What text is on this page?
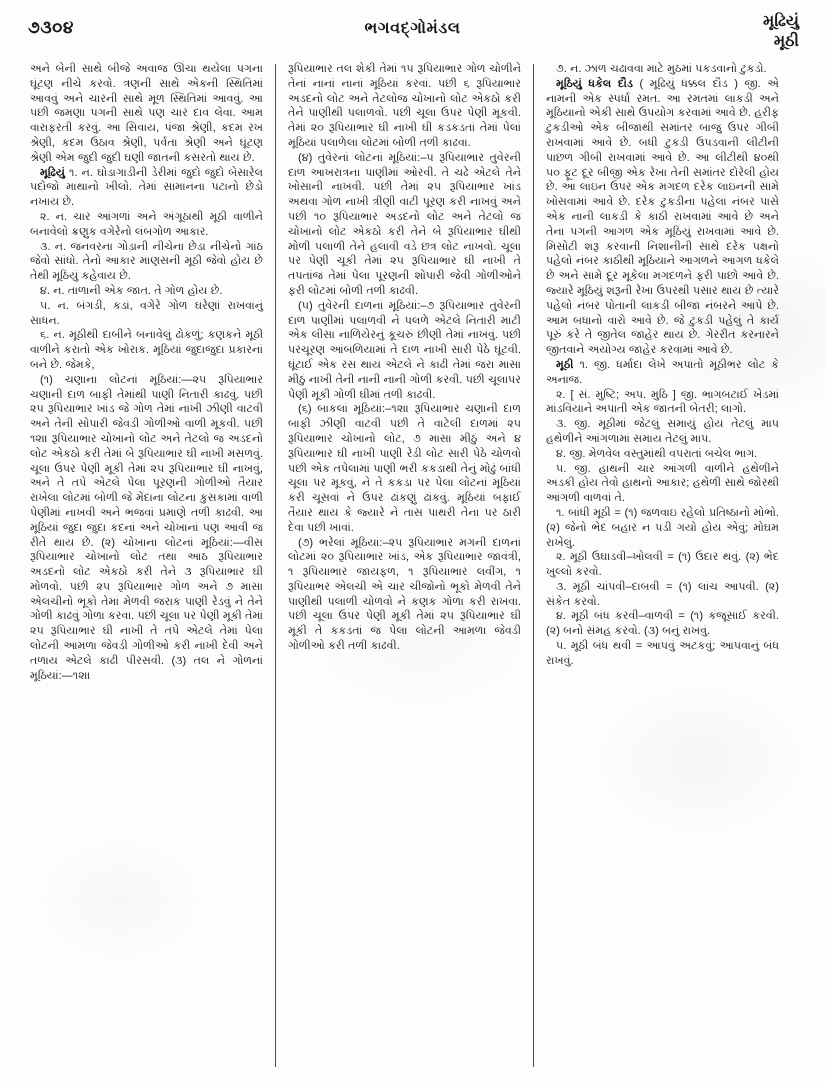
૭૩૦૪	ભગવદ્ગોમંડલ	મૂઢિયું
મૂઠી

અને બેની સાથે બીજે અવાજ ઊંચા થયેલા પગના ઘૂંટણ નીચે કરવો. ત્રણની સાથે એકની સ્થિતિમાં આવવું અને ચારની સાથે મૂળ સ્થિતિમાં આવવું. આ પછી જમણા પગની સાથે પણ ચાર દાવ લેવા. આમ વારાફરતી કરવું. આ સિવાય, પંજા શ્રેણી, કદમ રખ શ્રેણી, કદમ ઉઠાવ શ્રેણી, પર્વતા શ્રેણી અને ઘૂંટણ શ્રેણી એમ જુદી જુદી ઘણી જાતની કસરતો થાય છે.

મૂઢિયું ૧. ન. ઘોડાગાડીની ડેરીમાં જુદો જુદો બેસારેલ પદોજો માથાનો ખીલો. તેમાં સામાનના પટાનો છેડો નખાય છે.

૨. ન. ચાર આંગળાં અને અંગૂઠાથી મૂઠી વાળીને બનાવેલો ક્રણુક વગેરેનો લંબગોળ આકાર.

૩. ન. જનવરના ગોડ઼ાની નીચેના છેડા નીચેનો ગાંઠ જેવો સાંધો. તેનો આકાર માણસની મૂઠી જેવો હોય છે તેથી મૂઠિયું કહેવાય છે.

૪. ન. તાળાની એક જાત. તે ગોળ હોય છે.

૫. ન. બંગડી, કડાં, વગેરે ગોળ ઘરેણાં રાખવાનું સાધન.

૬. ન. મૂઠીથી દાબીને બનાવેલું ઢોકળું; કણકને મૂઠી વાળીને કરાતો એક ખોરાક. મૂઠિયાં જુદાજુદા પ્રકારનાં બને છે. જેમકે,

(૧) ચણાના લોટનાં મૂઠિયાં:—૨૫ રૂપિયાભાર ચણાની દાળ બાફી તેમાંથી પાણી નિતારી કાઢવું. પછી ૨૫ રૂપિયાભાર ખાંડ જે ગોળ તેમાં નાખી ઝીણી વાટવી અને તેની સોપારી જેવડી ગોળીઓ વાળી મૂકવી. પછી ૧૨॥ રૂપિયાભાર ચોખાનો લોટ અને તેટલો જ અડદનો લોટ એકઠો કરી તેમાં બે રૂપિયાભાર ઘી નાખી મસળવું. ચૂલા ઉપર પેણી મૂકી તેમાં ૨૫ રૂપિયાભાર ઘી નાખવું, અને તે તપે એટલે પેલા પૂરણની ગોળીઓ તૈયાર રાખેલા લોટમાં બોળી જે મેંદાના લોટના કુસકામાં વાળી પેણીમાં નાખવી અને ભજવાં પ્રમાણે તળી કાઢવી. આ મૂઠિયાં જુદા જુદા કદનાં અને ચોખાનાં પણ આવી જ રીતે થાય છે. (૨) ચોખાના લોટનાં મૂઠિયાં:—વીસ રૂપિયાભાર ચોખાનો લોટ તથા આઠ રૂપિયાભાર અડદનો લોટ એકઠો કરી તેને ૩ રૂપિયાભાર ઘી મોળવો. પછી ૨૫ રૂપિયાભાર ગોળ અને ૭ માસા એલચીનો ભૂકો તેમાં મેળવી જરાક પાણી રેડવું ને તેને ગોળી કાઢવું ગોળા કરવા. પછી ચૂલા પર પેણી મૂકી તેમાં ૨૫ રૂપિયાભાર ઘી નાખી તે તપે એટલે તેમાં પેલા લોટની આમળા જેવડી ગોળીઓ કરી નાખી દેવી અને તળાય એટલે કાઢી પીરસવી. (૩) તલ ને ગોળનાં મૂઠિયાં:—૧૨॥

રૂપિયાભાર તલ શેકી તેમાં ૧૫ રૂપિયાભાર ગોળ ચોળીને તેનાં નાનાં નાનાં મૂઠિયાં કરવાં. પછી ૬ રૂપિયાભાર અડદનો લોટ અને તેટલોજ ચોખાનો લોટ એકઠો કરી તેને પાણીથી પલાળવો. પછી ચૂલા ઉપર પેણી મૂકવી. તેમાં ૨૦ રૂપિયાભાર ઘી નાખી ઘી કડકડતાં તેમાં પેલાં મૂઠિયાં પલાળેલા લોટમાં બોળી તળી કાઢવા.

(૪) તુવેરનાં લોટનાં મૂઠિયાં:–૫ રૂપિયાભાર તુવેરની દાળ આખરાત્રના પાણીમાં ઓરવી. તે ચઢે એટલે તેને ખોસાની નાખવી. પછી તેમાં ૨૫ રૂપિયાભાર ખાંડ અથવા ગોળ નાખી ત્રીણી વાટી પૂરણ કરી નાખવું અને પછી ૧૦ રૂપિયાભાર અડદનો લોટ અને તેટલો જ ચોખાનો લોટ એકઠો કરી તેને બે રૂપિયાભાર ઘીથી મોળી પલાળી તેને હલાવી વડે છત્ર લોટ નાખવો. ચૂલા પર પેણી ચૂકી તેમાં ૨૫ રૂપિયાભાર ઘી નાખી તે તપતાંજ તેમાં પેલા પૂરણની શોપારી જેવી ગોળીઓને ફરી લોટમાં બોળી તળી કાઢવી.

(૫) તુવેરની દાળનાં મૂઠિયાં:–૭ રૂપિયાભાર તુવેરની દાળ પાણીમાં પલાળવી ને પલળે એટલે નિતારી માટી એક લીસા નાળિયેરનું કૂચરું છીણી તેમાં નાખવું. પછી પરચૂરણ આંબળિયામાં તે દાળ નાખી સારી પેઠે ઘૂંટવી. ઘૂંટાઈ એક રસ થાય એટલે ને કાઢી તેમાં જરા માસા મીઠું નાખી તેની નાની નાની ગોળી કરવી. પછી ચૂલાપર પેણી મૂકી ગોળી ઘીમાં તળી કાઢવી.

(૬) બાકલાં મૂઠિયાં:–૧૨॥ રૂપિયાભાર ચણાની દાળ બાફી ઝીણી વાટવી પછી તે વાટેલી દાળમાં ૨૫ રૂપિયાભાર ચોખાનો લોટ, ૭ માસા મીઠું અને ૪ રૂપિયાભાર ઘી નાખી પાણી રેડી લોટ સારી પેઠે ચોળવો પછી એક તપેલામાં પાણી ભરી કકડાથી તેનું મોઢું બાંધી ચૂલા પર મૂકવું, ને તે કકડા પર પેલા લોટનાં મૂઠિયાં કરી ચૂસવાં ને ઉપર ઢાંકણું ઢાંકવું. મૂઠિયાં બફાઈ તૈયાર થાય કે જ્યારે ને તાસ પાથરી તેના પર ઠારી દેવા પછી ખાવાં.

(૭) ભરેલાં મૂઠિયાં:–૨૫ રૂપિયાભાર મગની દાળનાં લોટમાં ૨૦ રૂપિયાભાર ખાંડ, એક રૂપિયાભાર જાવંત્રી, ૧ રૂપિયાભાર જાયફળ, ૧ રૂપિયાભાર લવીંગ, ૧ રૂપિયાભર એલચી એ ચાર ચીજોનો ભૂકો મેળવી તેને પાણીથી પલાળી ચોળવો ને કણક ગોળા કરી રાખવા. પછી ચૂલા ઉપર પેણી મૂકી તેમાં ૨૫ રૂપિયાભાર ઘી મૂકી તે કકડતાં જ પેલા લોટની આમળા જેવડી ગોળીઓ કરી તળી કાઢવી.

૭. ન. ઝાળ ચઢાવવા માટે મુઠમાં પકડવાનો ટુકડો.

મૂઠિયું ધકેલ દૌડ ( મૂઢિયું ધક્કલ દૌડ ) જી. એ નામની એક સ્પર્ધા રમત. આ રમતમાં લાકડી અને મૂઠિયાનો એકી સાથે ઉપયોગ કરવામાં આવે છે. હરીફ ટુકડીઓ એક બીજાથી સમાંતર બાજુ ઉપર ગીબી રાખવામાં આવે છે. બધી ટુકડી ઉપડવાની લીટીની પાછળ ગીબી રાખવામાં આવે છે. આ લીટીથી ૪૦થી ૫૦ ફૂટ દૂર બીજી એક રેખા તેની સમાંતર દોરેલી હોય છે. આ લાઇન ઉપર એક મગદળ દરેક લાઇનની સામે ખોસવામાં આવે છે. દરેક ટુકડીના પહેલા નંબર પાસે એક નાની લાકડી કે કાઠી રાખવામાં આવે છે અને તેના પગની આગળ એક મૂઠિયું રાખવામાં આવે છે. મિસોટી શરૂ કરવાની નિશાનીની સાથે દરેક પક્ષનો પહેલો નંબર કાઠીથી મૂઠિયાને આગળને આગળ ધકેલે છે અને સામે દૂર મૂકેલા મગદળને ફરી પાછો આવે છે. જ્યારે મૂઠિયું શરૂની રેખા ઉપરથી પસાર થાય છે ત્યારે પહેલો નંબર પોતાની લાકડી બીજા નંબરને આપે છે. આમ બધાનો વારો આવે છે. જે ટુકડી પહેલું તે કાર્ય પૂરું કરે તે જીતેલ જાહેર થાય છે. ગેરરીત કરનારને જીતવાને અયોગ્ય જાહેર કરવામાં આવે છે.

મૂઠી ૧. જી. ધર્માદા લેખે અપાતો મૂઠીભર લોટ કે અનાજ.

૨. [ સં. મુષ્ટિ; અપ. મુઠિ ] જી. ભાગબટાઈ ખેડમાં માંડવિયાને અપાતી એક જાતની બેતરી; લાગો.

૩. જી. મૂઠીમાં જેટલું સમાયું હોય તેટલું માપ હથેળીને આંગળામાં સમાય તેટલું માપ.

૪. જી. મેળવેલ વસ્તુમાંથી વપરાતાં બચેલ ભાગ.

૫. જી. હાથની ચાર આંગળી વાળીને હથેળીને અડકી હોય તેવો હાથનો આકાર; હથેળી સાથે જોરથી આંગળી વાળવાં તે.

૧. બાંધી મૂઠી = (૧) જળવાઇ રહેલો પ્રતિષ્ઠાનો મોભો. (૨) જેનો ભેદ બહાર ન પડી ગયો હોય એવું; મોઘમ રાખેલું.

૨. મૂઠી ઉઘાડવી–ખોલવી = (૧) ઉદાર થવું. (૨) ભેદ ખુલ્લો કરવો.

૩. મૂઠી ચાંપવી–દાબવી = (૧) લાંચ આપવી. (૨) સંકેત કરવો.

૪. મૂઠી બંધ કરવી–વાળવી = (૧) કંજૂસાઈ કરવી. (૨) બનો સંમહ કરવો. (૩) બનું રાખવું.

૫. મૂઠી બંધ થવી = આપવું અટકવું; આપવાનું બંધ રાખવું.
